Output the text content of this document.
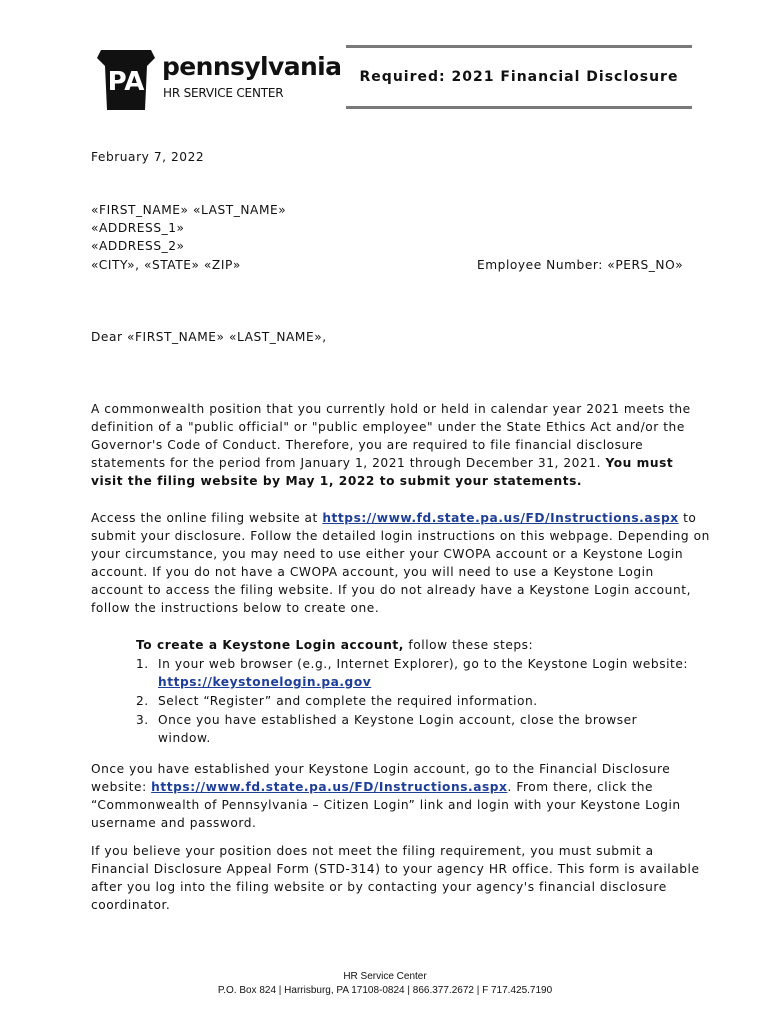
PA
pennsylvania
HR SERVICE CENTER
Required: 2021 Financial Disclosure
February 7, 2022
«FIRST_NAME» «LAST_NAME»
«ADDRESS_1»
«ADDRESS_2»
«CITY», «STATE» «ZIP»	Employee Number: «PERS_NO»
Dear «FIRST_NAME» «LAST_NAME»,
A commonwealth position that you currently hold or held in calendar year 2021 meets the
definition of a "public official" or "public employee" under the State Ethics Act and/or the
Governor's Code of Conduct. Therefore, you are required to file financial disclosure
statements for the period from January 1, 2021 through December 31, 2021. You must
visit the filing website by May 1, 2022 to submit your statements.
Access the online filing website at https://www.fd.state.pa.us/FD/Instructions.aspx to
submit your disclosure. Follow the detailed login instructions on this webpage. Depending on
your circumstance, you may need to use either your CWOPA account or a Keystone Login
account. If you do not have a CWOPA account, you will need to use a Keystone Login
account to access the filing website. If you do not already have a Keystone Login account,
follow the instructions below to create one.
To create a Keystone Login account, follow these steps:
1. In your web browser (e.g., Internet Explorer), go to the Keystone Login website:
https://keystonelogin.pa.gov
2. Select “Register” and complete the required information.
3. Once you have established a Keystone Login account, close the browser
window.
Once you have established your Keystone Login account, go to the Financial Disclosure
website: https://www.fd.state.pa.us/FD/Instructions.aspx. From there, click the
“Commonwealth of Pennsylvania – Citizen Login” link and login with your Keystone Login
username and password.
If you believe your position does not meet the filing requirement, you must submit a
Financial Disclosure Appeal Form (STD-314) to your agency HR office. This form is available
after you log into the filing website or by contacting your agency's financial disclosure
coordinator.
HR Service Center
P.O. Box 824 | Harrisburg, PA 17108-0824 | 866.377.2672 | F 717.425.7190
